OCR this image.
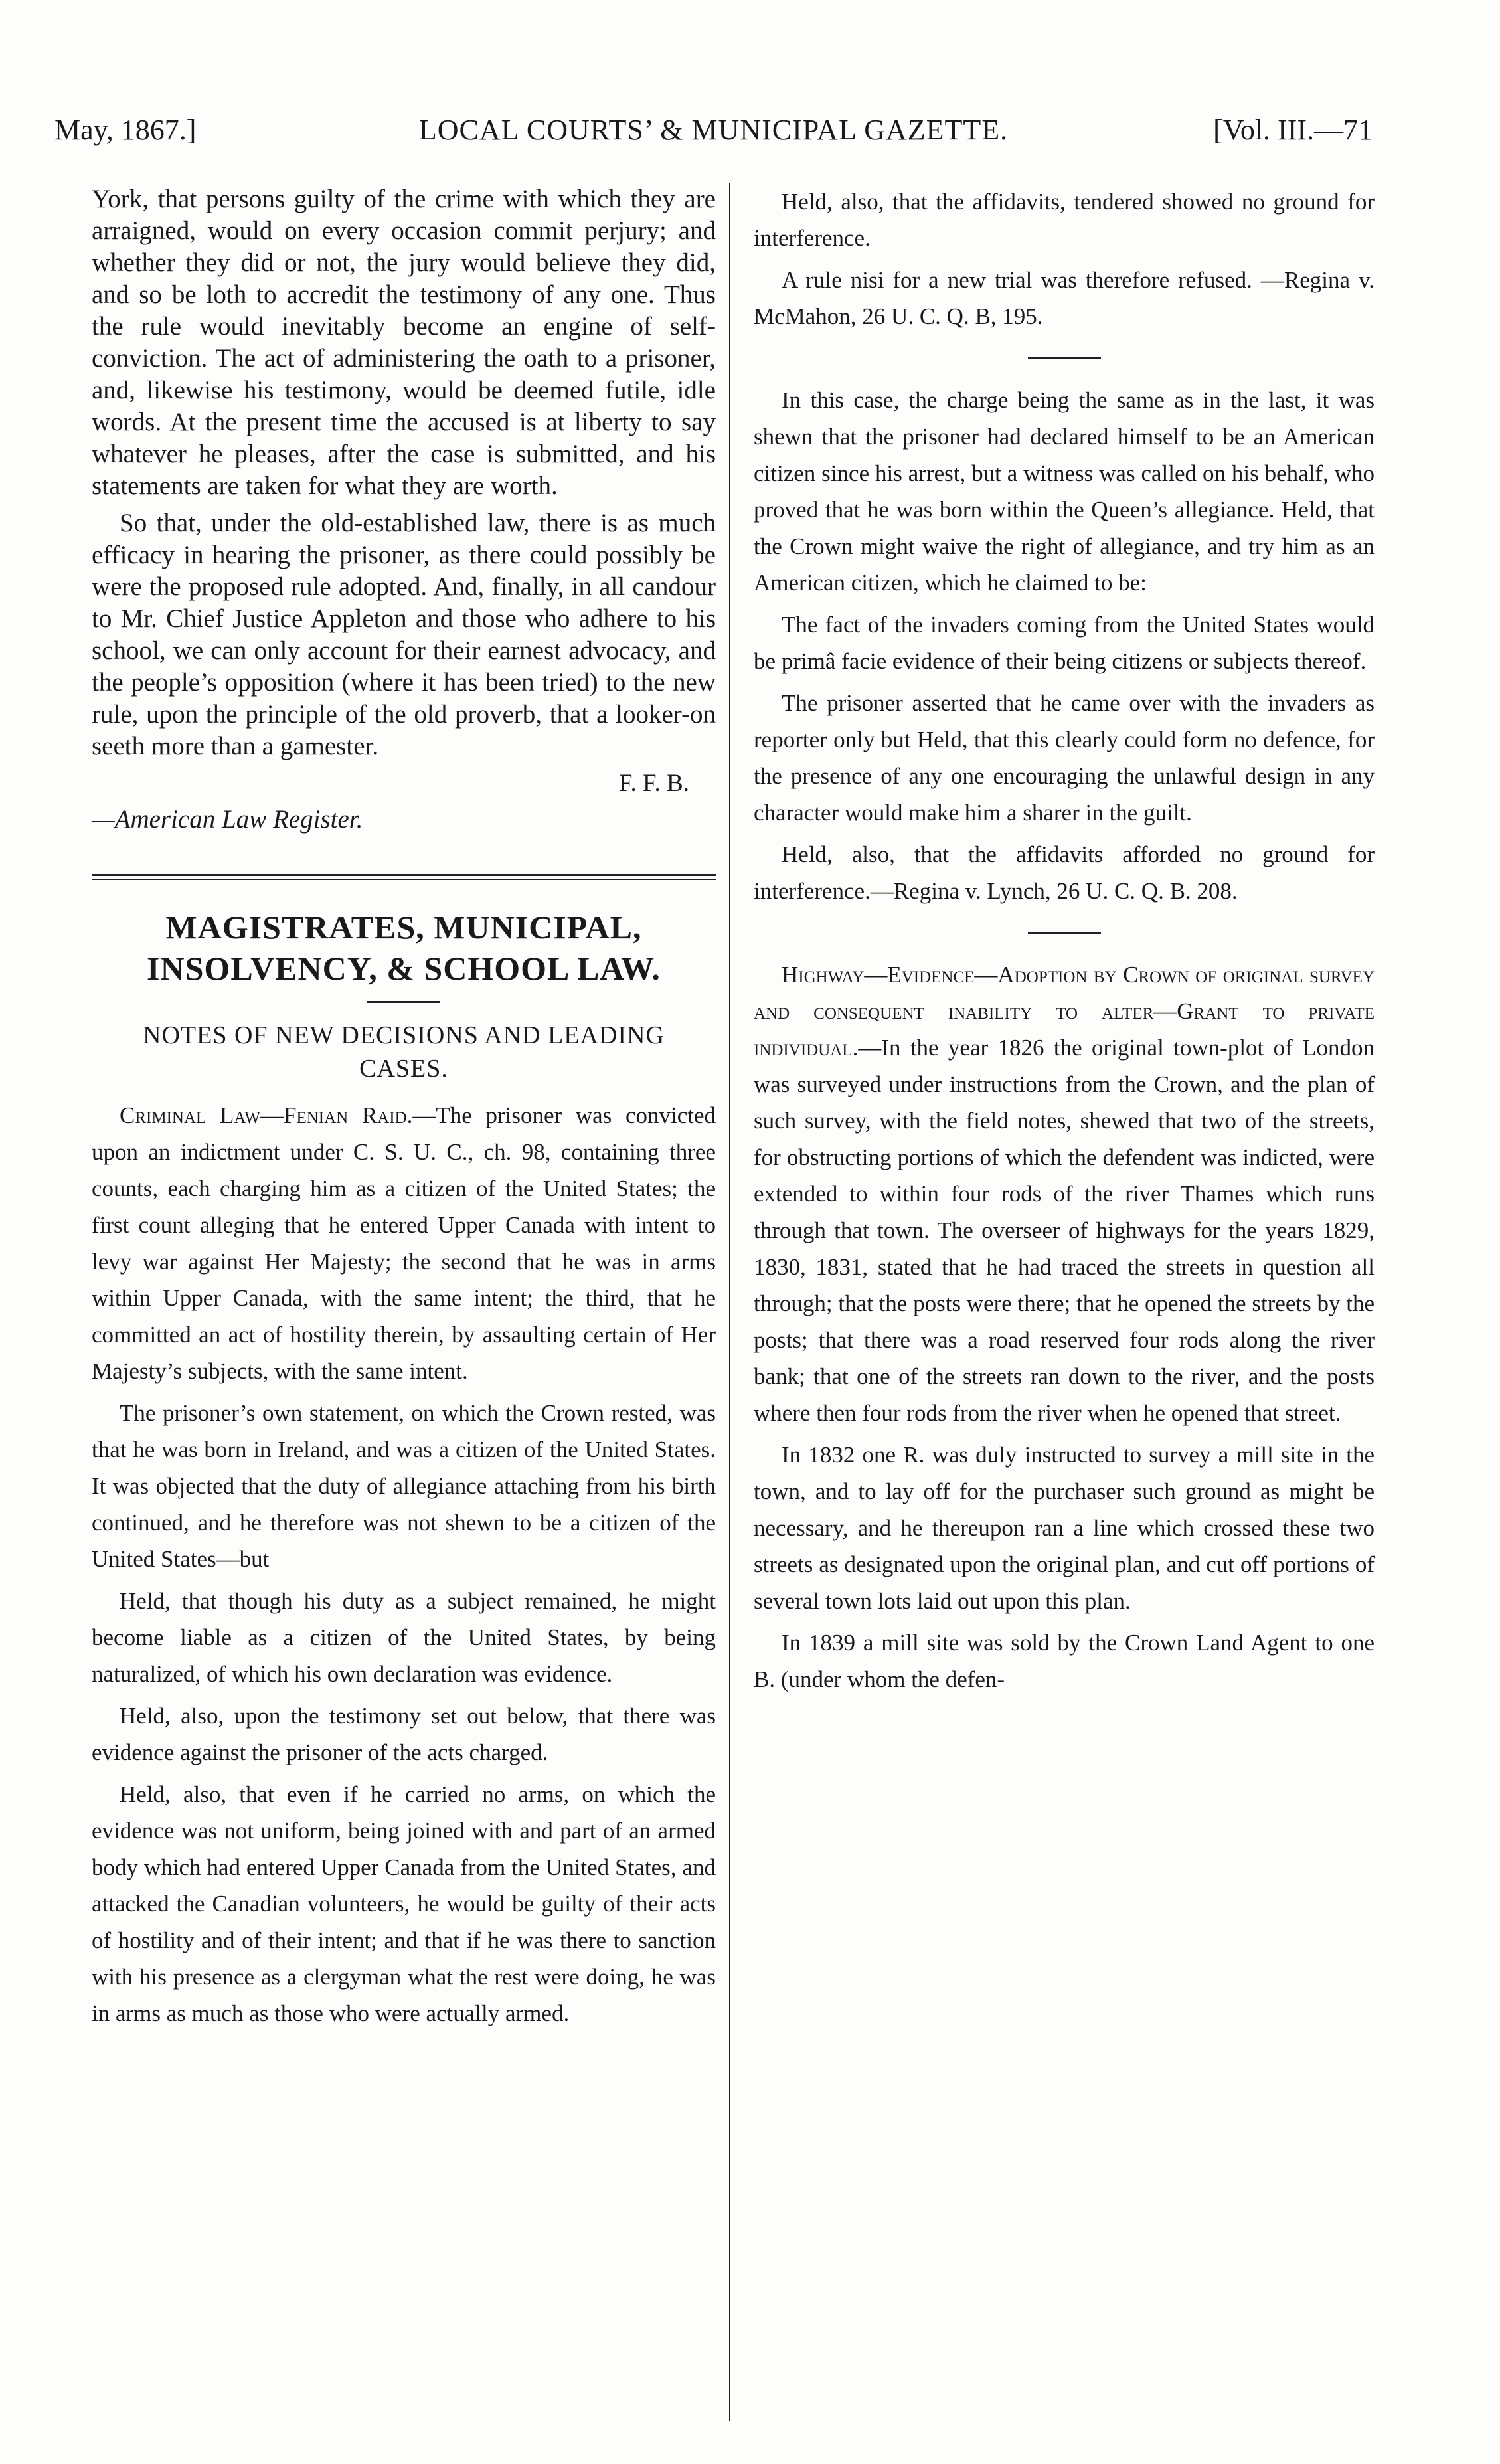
May, 1867.]	LOCAL COURTS’ & MUNICIPAL GAZETTE.	[Vol. III.—71

York, that persons guilty of the crime with which they are arraigned, would on every occasion commit perjury; and whether they did or not, the jury would believe they did, and so be loth to accredit the testimony of any one. Thus the rule would inevitably become an engine of self-conviction. The act of administering the oath to a prisoner, and, likewise his testimony, would be deemed futile, idle words. At the present time the accused is at liberty to say whatever he pleases, after the case is submitted, and his statements are taken for what they are worth.

So that, under the old-established law, there is as much efficacy in hearing the prisoner, as there could possibly be were the proposed rule adopted. And, finally, in all candour to Mr. Chief Justice Appleton and those who adhere to his school, we can only account for their earnest advocacy, and the people’s opposition (where it has been tried) to the new rule, upon the principle of the old proverb, that a looker-on seeth more than a gamester.

F. F. B.
—American Law Register.
MAGISTRATES, MUNICIPAL,
INSOLVENCY, & SCHOOL LAW.
NOTES OF NEW DECISIONS AND LEADING
CASES.

Criminal Law—Fenian Raid.—The prisoner was convicted upon an indictment under C. S. U. C., ch. 98, containing three counts, each charging him as a citizen of the United States; the first count alleging that he entered Upper Canada with intent to levy war against Her Majesty; the second that he was in arms within Upper Canada, with the same intent; the third, that he committed an act of hostility therein, by assaulting certain of Her Majesty’s subjects, with the same intent.

The prisoner’s own statement, on which the Crown rested, was that he was born in Ireland, and was a citizen of the United States. It was objected that the duty of allegiance attaching from his birth continued, and he therefore was not shewn to be a citizen of the United States—but

Held, that though his duty as a subject remained, he might become liable as a citizen of the United States, by being naturalized, of which his own declaration was evidence.

Held, also, upon the testimony set out below, that there was evidence against the prisoner of the acts charged.

Held, also, that even if he carried no arms, on which the evidence was not uniform, being joined with and part of an armed body which had entered Upper Canada from the United States, and attacked the Canadian volunteers, he would be guilty of their acts of hostility and of their intent; and that if he was there to sanction with his presence as a clergyman what the rest were doing, he was in arms as much as those who were actually armed.

Held, also, that the affidavits, tendered showed no ground for interference.

A rule nisi for a new trial was therefore refused. —Regina v. McMahon, 26 U. C. Q. B, 195.

In this case, the charge being the same as in the last, it was shewn that the prisoner had declared himself to be an American citizen since his arrest, but a witness was called on his behalf, who proved that he was born within the Queen’s allegiance. Held, that the Crown might waive the right of allegiance, and try him as an American citizen, which he claimed to be:

The fact of the invaders coming from the United States would be primâ facie evidence of their being citizens or subjects thereof.

The prisoner asserted that he came over with the invaders as reporter only but Held, that this clearly could form no defence, for the presence of any one encouraging the unlawful design in any character would make him a sharer in the guilt.

Held, also, that the affidavits afforded no ground for interference.—Regina v. Lynch, 26 U. C. Q. B. 208.

Highway—Evidence—Adoption by Crown of original survey and consequent inability to alter—Grant to private individual.—In the year 1826 the original town-plot of London was surveyed under instructions from the Crown, and the plan of such survey, with the field notes, shewed that two of the streets, for obstructing portions of which the defendent was indicted, were extended to within four rods of the river Thames which runs through that town. The overseer of highways for the years 1829, 1830, 1831, stated that he had traced the streets in question all through; that the posts were there; that he opened the streets by the posts; that there was a road reserved four rods along the river bank; that one of the streets ran down to the river, and the posts where then four rods from the river when he opened that street.

In 1832 one R. was duly instructed to survey a mill site in the town, and to lay off for the purchaser such ground as might be necessary, and he thereupon ran a line which crossed these two streets as designated upon the original plan, and cut off portions of several town lots laid out upon this plan.

In 1839 a mill site was sold by the Crown Land Agent to one B. (under whom the defen-
